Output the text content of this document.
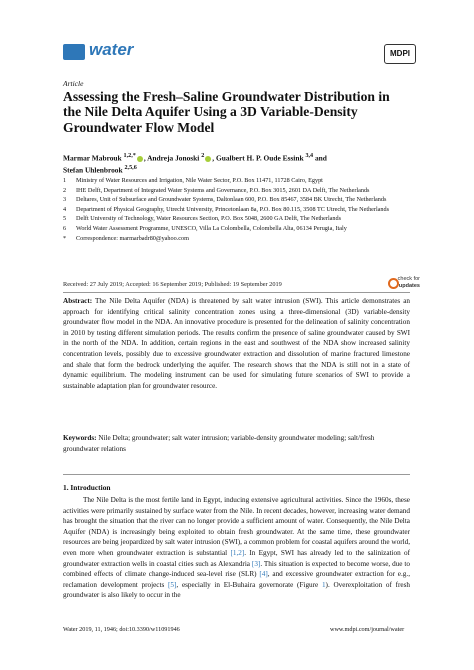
water	MDPI
Article
Assessing the Fresh–Saline Groundwater Distribution in the Nile Delta Aquifer Using a 3D Variable-Density Groundwater Flow Model
Marmar Mabrouk $^{1,2,*}$ , Andreja Jonoski $^2$ , Gualbert H. P. Oude Essink $^{3,4}$ and
Stefan Uhlenbrook $^{2,5,6}$
1	Ministry of Water Resources and Irrigation, Nile Water Sector, P.O. Box 11471, 11728 Cairo, Egypt
2	IHE Delft, Department of Integrated Water Systems and Governance, P.O. Box 3015, 2601 DA Delft, The Netherlands
3	Deltares, Unit of Subsurface and Groundwater Systems, Daltonlaan 600, P.O. Box 85467, 3584 BK Utrecht, The Netherlands
4	Department of Physical Geography, Utrecht University, Princetonlaan 8a, P.O. Box 80.115, 3508 TC Utrecht, The Netherlands
5	Delft University of Technology, Water Resources Section, P.O. Box 5048, 2600 GA Delft, The Netherlands
6	World Water Assessment Programme, UNESCO, Villa La Colombella, Colombella Alta, 06134 Perugia, Italy
*	Correspondence: marmarbadr80@yahoo.com
check for
updates
Received: 27 July 2019; Accepted: 16 September 2019; Published: 19 September 2019

Abstract: The Nile Delta Aquifer (NDA) is threatened by salt water intrusion (SWI). This article demonstrates an approach for identifying critical salinity concentration zones using a three-dimensional (3D) variable-density groundwater flow model in the NDA. An innovative procedure is presented for the delineation of salinity concentration in 2010 by testing different simulation periods. The results confirm the presence of saline groundwater caused by SWI in the north of the NDA. In addition, certain regions in the east and southwest of the NDA show increased salinity concentration levels, possibly due to excessive groundwater extraction and dissolution of marine fractured limestone and shale that form the bedrock underlying the aquifer. The research shows that the NDA is still not in a state of dynamic equilibrium. The modeling instrument can be used for simulating future scenarios of SWI to provide a sustainable adaptation plan for groundwater resource.

Keywords: Nile Delta; groundwater; salt water intrusion; variable-density groundwater modeling; salt/fresh groundwater relations

1. Introduction

The Nile Delta is the most fertile land in Egypt, inducing extensive agricultural activities. Since the 1960s, these activities were primarily sustained by surface water from the Nile. In recent decades, however, increasing water demand has brought the situation that the river can no longer provide a sufficient amount of water. Consequently, the Nile Delta Aquifer (NDA) is increasingly being exploited to obtain fresh groundwater. At the same time, these groundwater resources are being jeopardized by salt water intrusion (SWI), a common problem for coastal aquifers around the world, even more when groundwater extraction is substantial [1,2]. In Egypt, SWI has already led to the salinization of groundwater extraction wells in coastal cities such as Alexandria [3]. This situation is expected to become worse, due to combined effects of climate change-induced sea-level rise (SLR) [4], and excessive groundwater extraction for e.g., reclamation development projects [5], especially in El-Buhaira governorate (Figure 1). Overexploitation of fresh groundwater is also likely to occur in the

Water 2019, 11, 1946; doi:10.3390/w11091946	www.mdpi.com/journal/water
